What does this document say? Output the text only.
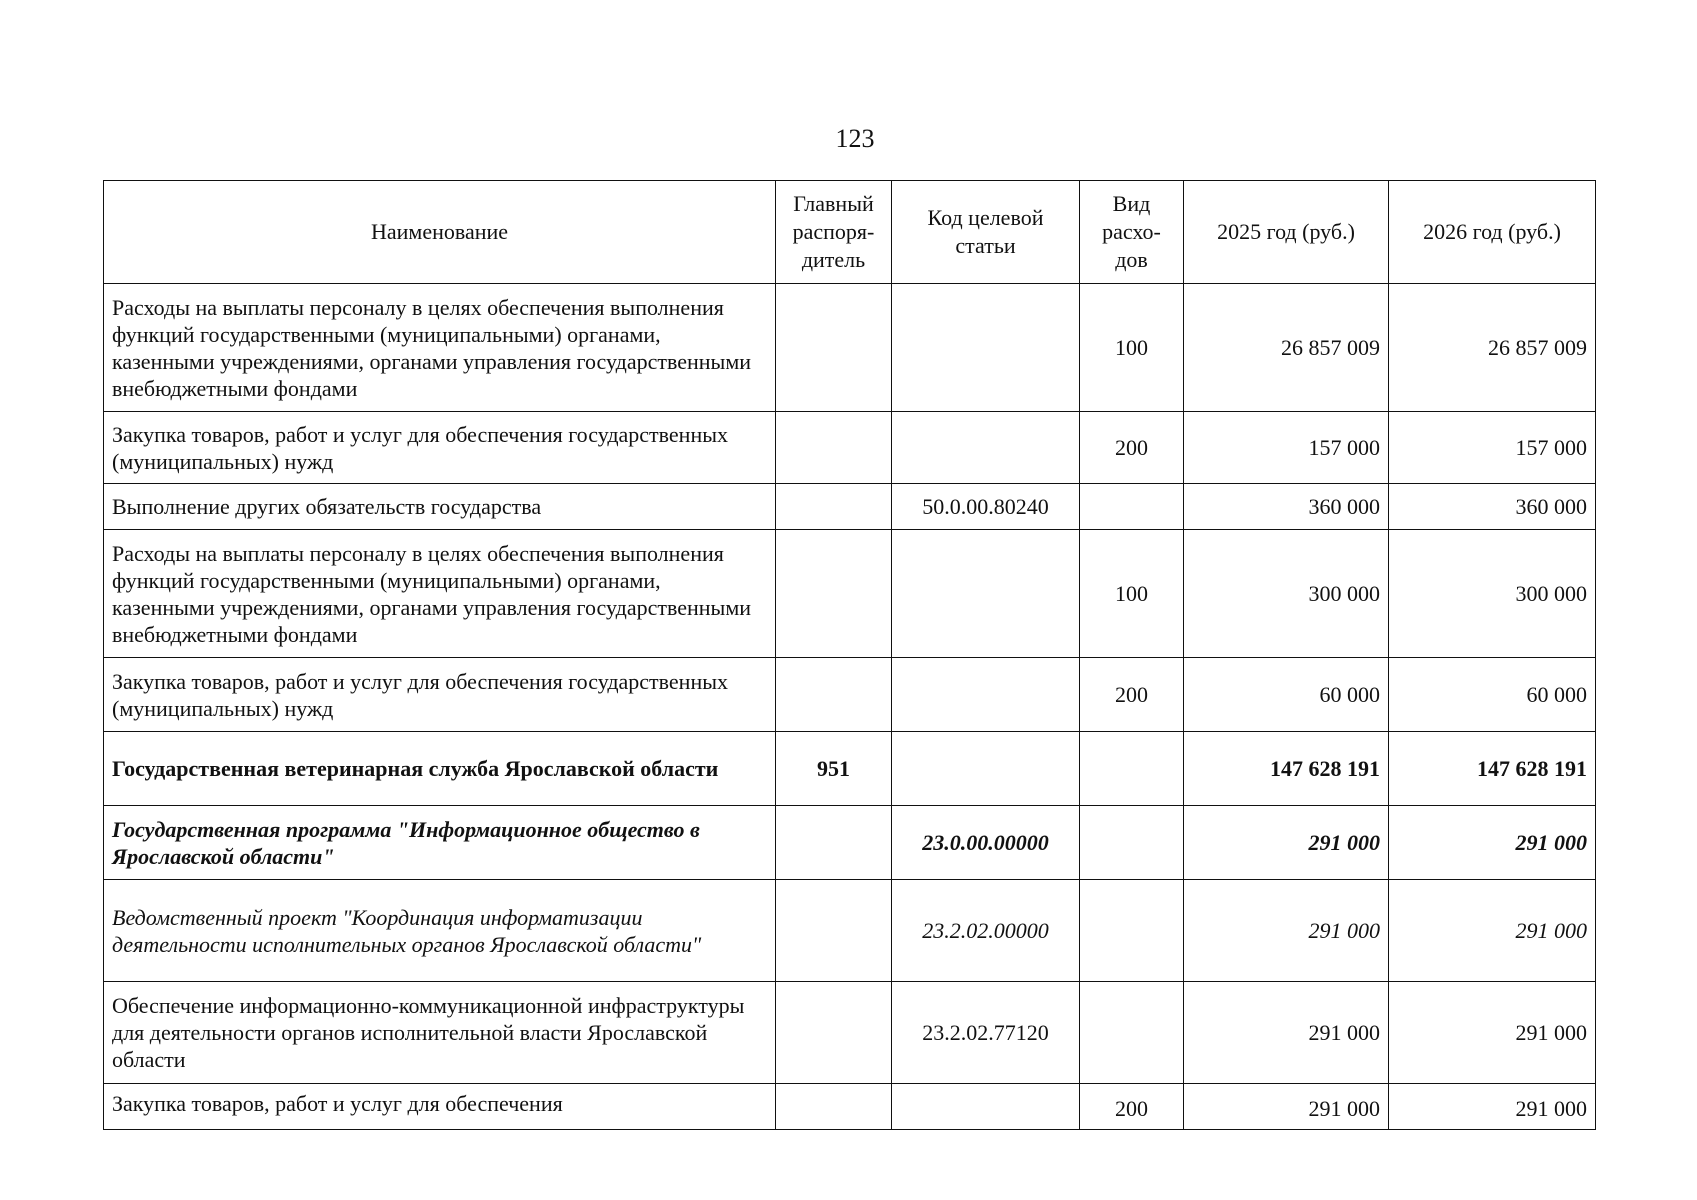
123
Наименование	Главный распоря-дитель	Код целевой статьи	Вид расхо-дов	2025 год (руб.)	2026 год (руб.)
Расходы на выплаты персоналу в целях обеспечения выполнения функций государственными (муниципальными) органами, казенными учреждениями, органами управления государственными внебюджетными фондами			100	26 857 009	26 857 009
Закупка товаров, работ и услуг для обеспечения государственных (муниципальных) нужд			200	157 000	157 000
Выполнение других обязательств государства		50.0.00.80240		360 000	360 000
Расходы на выплаты персоналу в целях обеспечения выполнения функций государственными (муниципальными) органами, казенными учреждениями, органами управления государственными внебюджетными фондами			100	300 000	300 000
Закупка товаров, работ и услуг для обеспечения государственных (муниципальных) нужд			200	60 000	60 000
Государственная ветеринарная служба Ярославской области	951			147 628 191	147 628 191
Государственная программа "Информационное общество в Ярославской области"		23.0.00.00000		291 000	291 000
Ведомственный проект "Координация информатизации деятельности исполнительных органов Ярославской области"		23.2.02.00000		291 000	291 000
Обеспечение информационно-коммуникационной инфраструктуры для деятельности органов исполнительной власти Ярославской области		23.2.02.77120		291 000	291 000
Закупка товаров, работ и услуг для обеспечения			200	291 000	291 000
